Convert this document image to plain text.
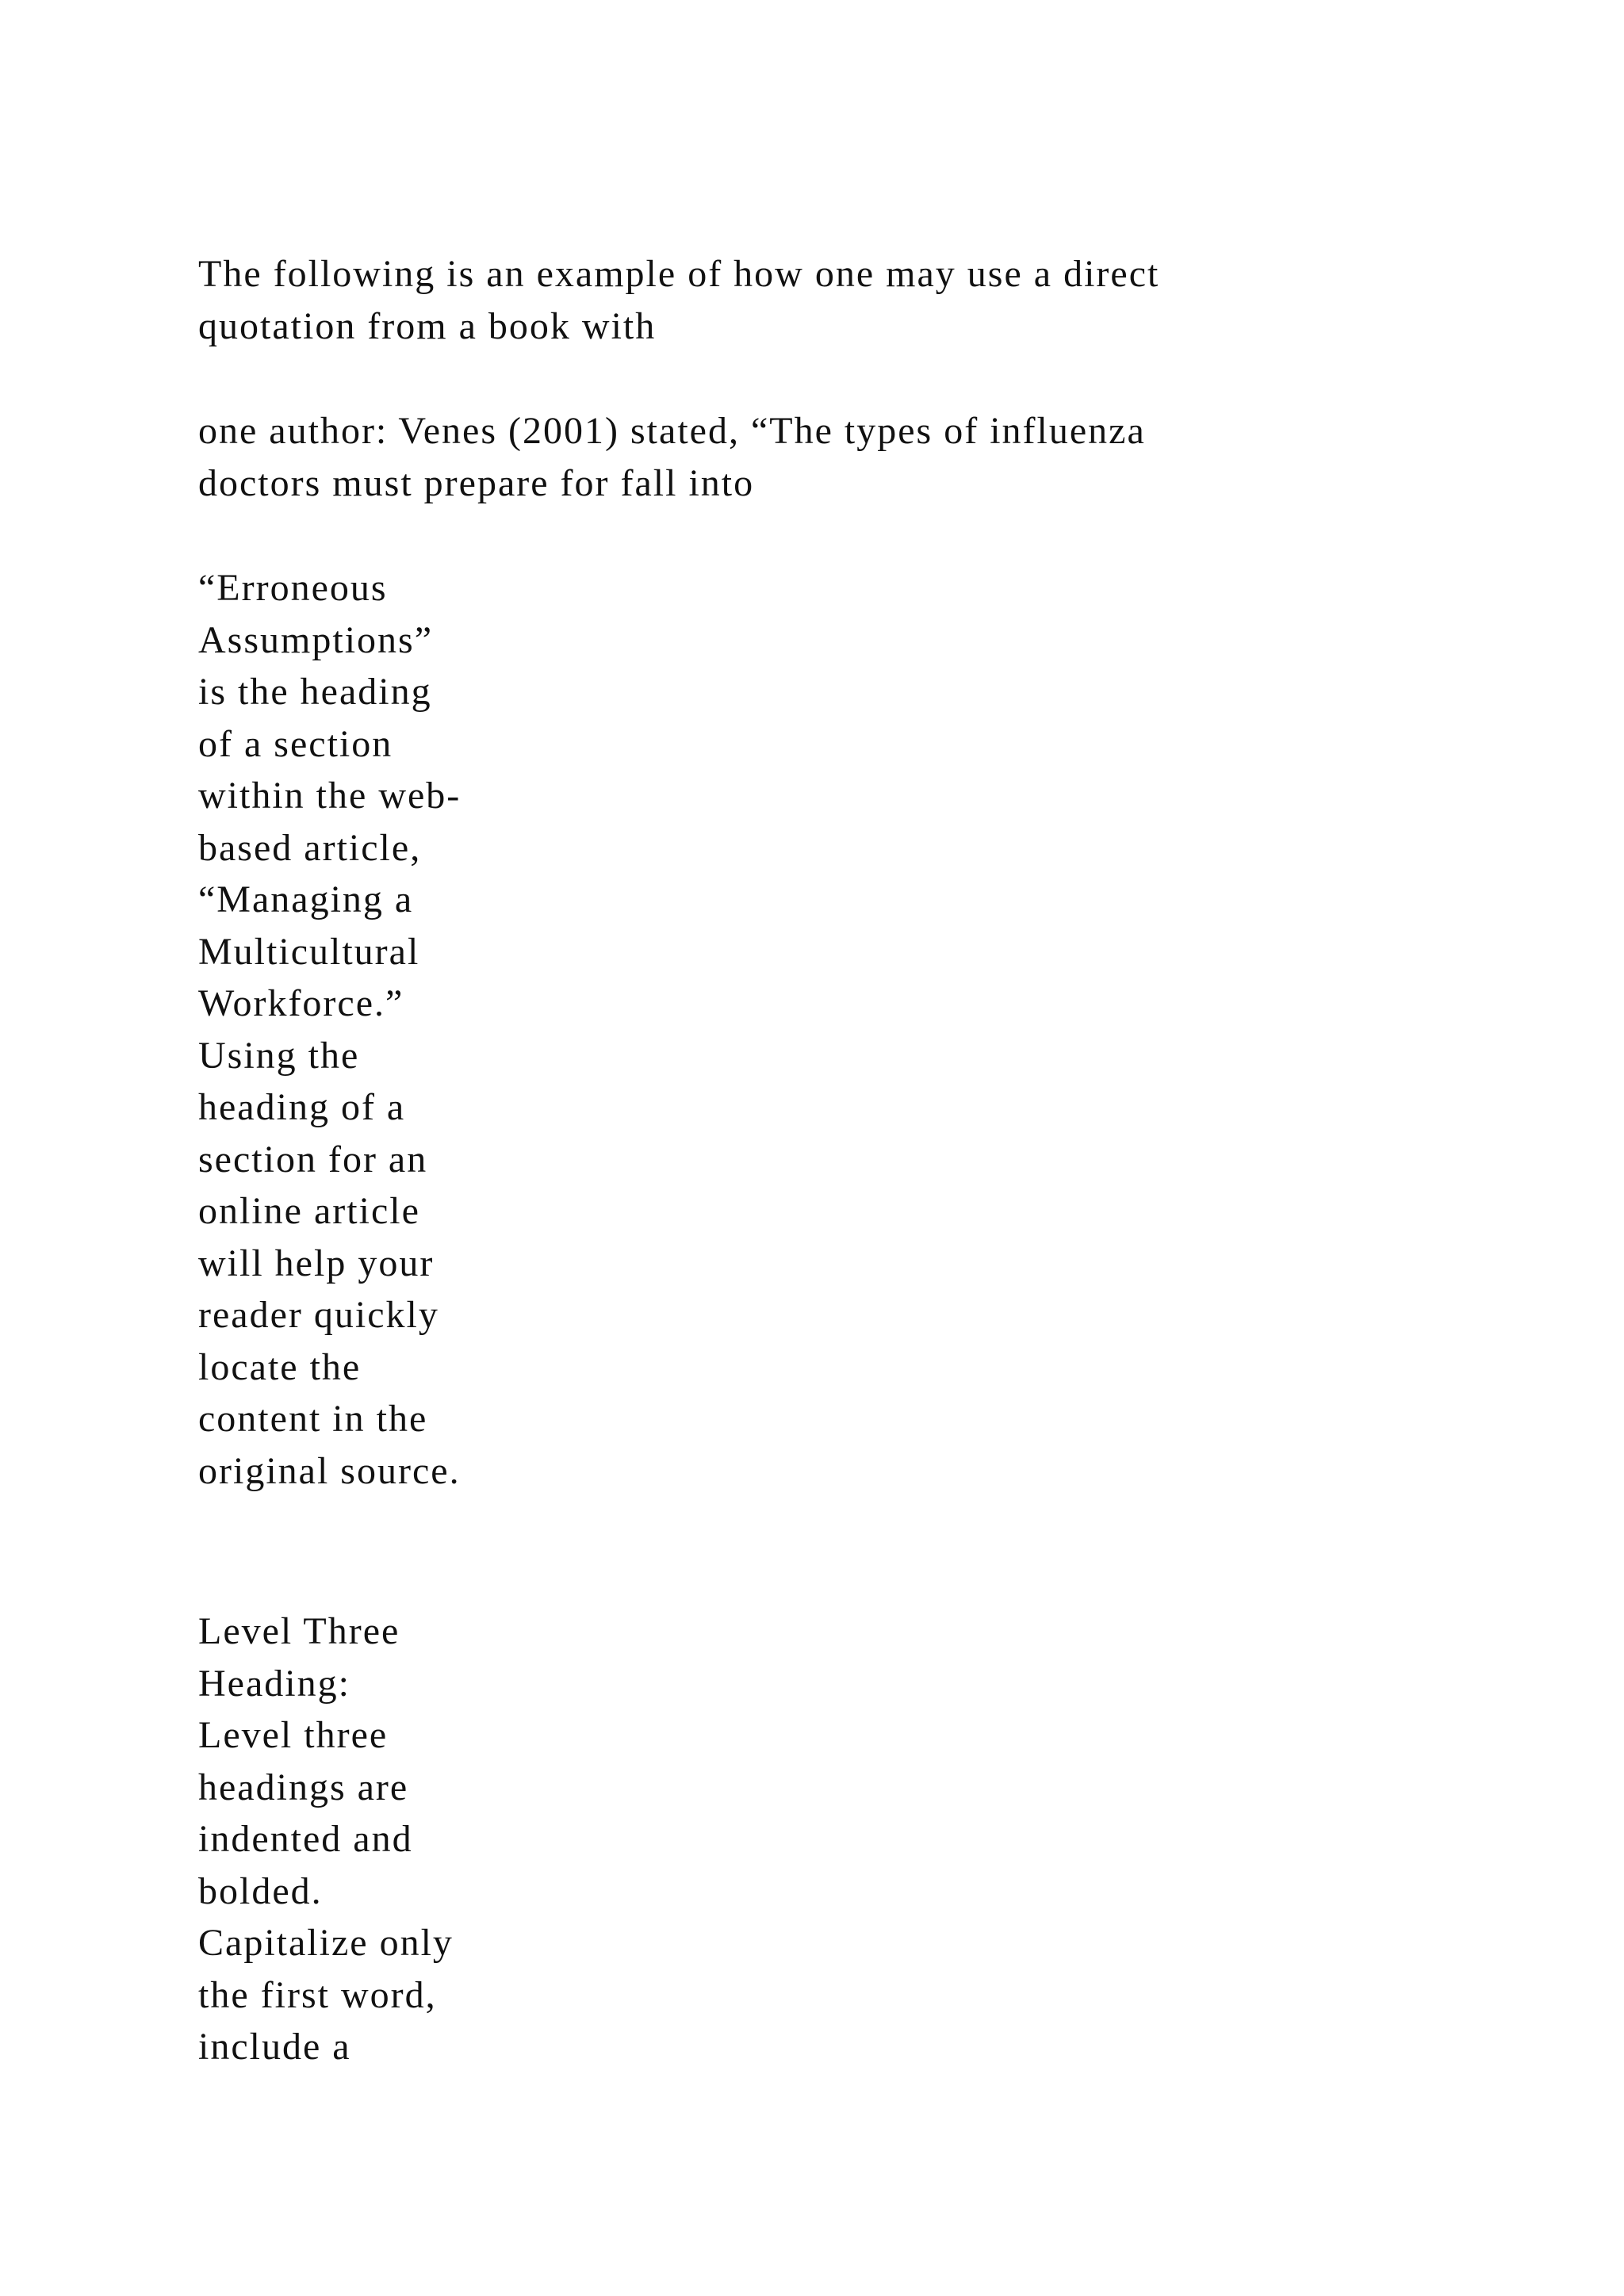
The following is an example of how one may use a direct
quotation from a book with

one author: Venes (2001) stated, “The types of influenza
doctors must prepare for fall into

“Erroneous
Assumptions”
is the heading
of a section
within the web-
based article,
“Managing a
Multicultural
Workforce.”
Using the
heading of a
section for an
online article
will help your
reader quickly
locate the
content in the
original source.

Level Three
Heading:
Level three
headings are
indented and
bolded.
Capitalize only
the first word,
include a
